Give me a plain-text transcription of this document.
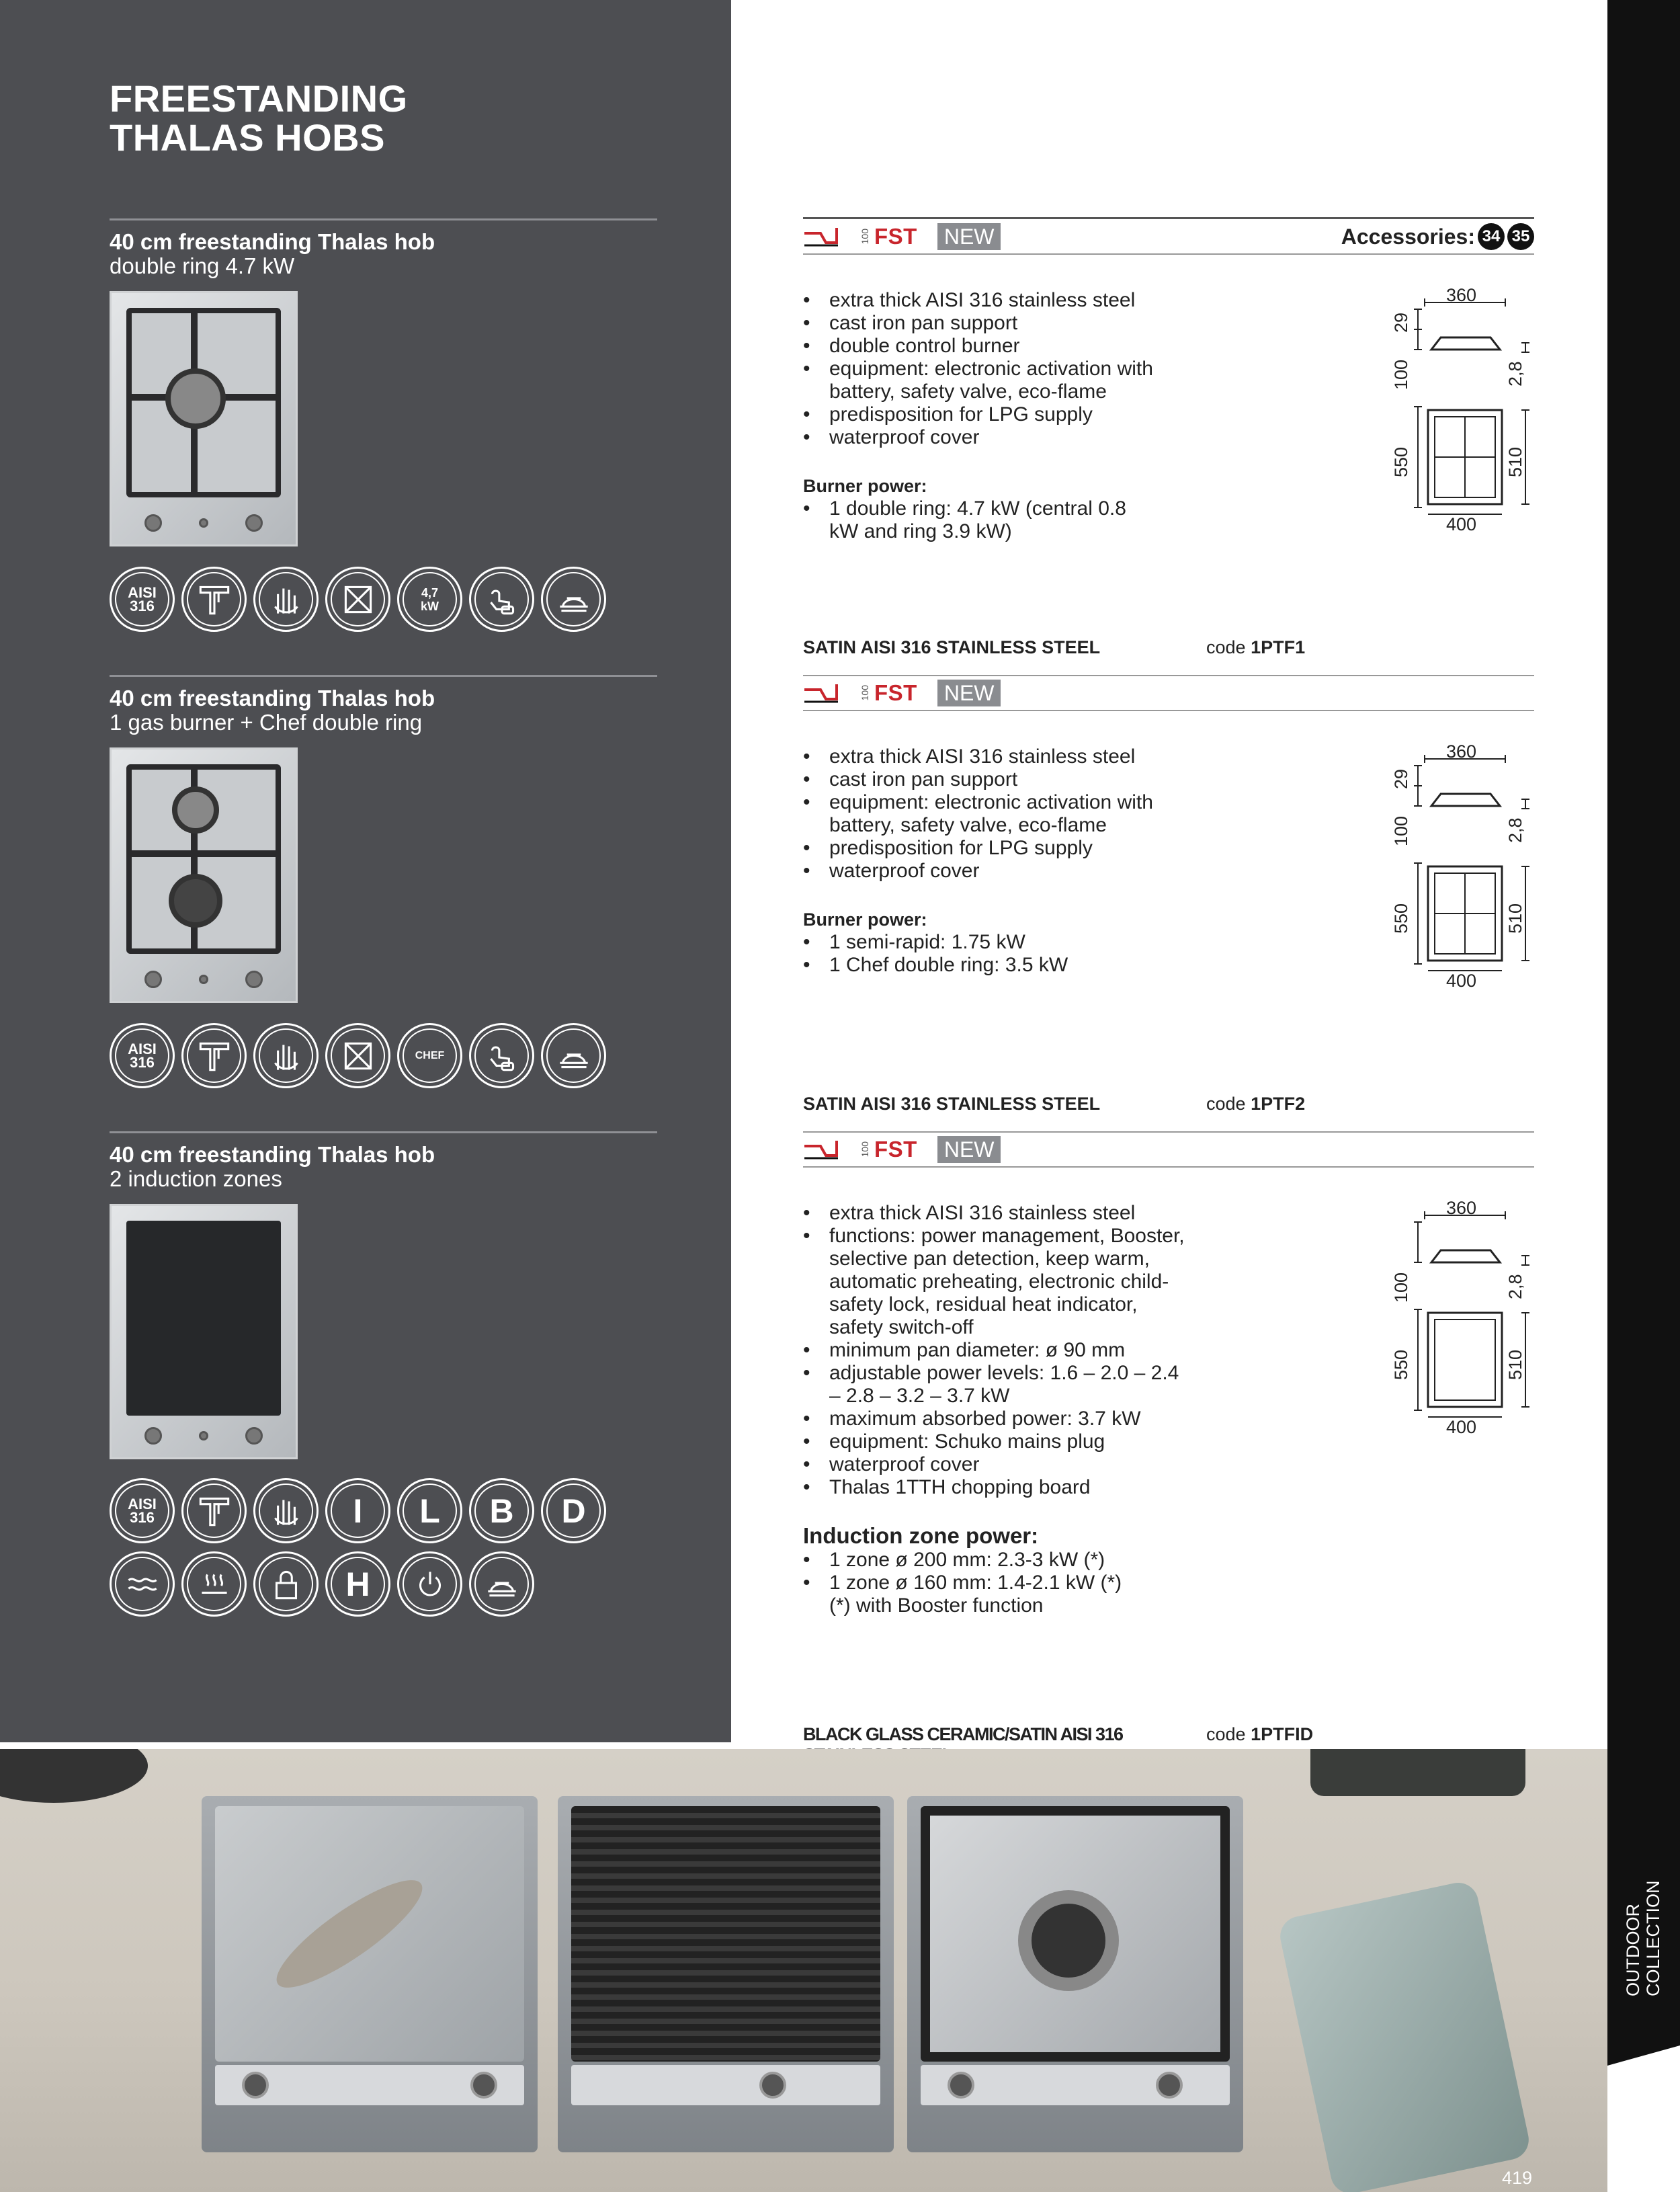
FREESTANDING
THALAS HOBS
40 cm freestanding Thalas hob
double ring 4.7 kW
AISI
316
4,7
kW
40 cm freestanding Thalas hob
1 gas burner + Chef double ring
AISI
316	CHEF
40 cm freestanding Thalas hob
2 induction zones
AISI
316	I L B D
H
100 FST	NEW	Accessories: 34 35
• extra thick AISI 316 stainless steel
• cast iron pan support
• double control burner
• equipment: electronic activation with battery, safety valve, eco-flame
• predisposition for LPG supply
• waterproof cover
Burner power:
• 1 double ring: 4.7 kW (central 0.8 kW and ring 3.9 kW)
SATIN AISI 316 STAINLESS STEEL	code 1PTF1
360
29
100	2,8
550	510
400
100 FST	NEW
• extra thick AISI 316 stainless steel
• cast iron pan support
• equipment: electronic activation with battery, safety valve, eco-flame
• predisposition for LPG supply
• waterproof cover
Burner power:
• 1 semi-rapid: 1.75 kW
• 1 Chef double ring: 3.5 kW
SATIN AISI 316 STAINLESS STEEL	code 1PTF2
360
29
100	2,8
550	510
400
100 FST	NEW
• extra thick AISI 316 stainless steel
• functions: power management, Booster, selective pan detection, keep warm, automatic preheating, electronic child-safety lock, residual heat indicator, safety switch-off
• minimum pan diameter: ø 90 mm
• adjustable power levels: 1.6 – 2.0 – 2.4 – 2.8 – 3.2 – 3.7 kW
• maximum absorbed power: 3.7 kW
• equipment: Schuko mains plug
• waterproof cover
• Thalas 1TTH chopping board
Induction zone power:
• 1 zone ø 200 mm: 2.3-3 kW (*)
• 1 zone ø 160 mm: 1.4-2.1 kW (*)
(*) with Booster function
BLACK GLASS CERAMIC/SATIN AISI 316	code 1PTFID
360
100	2,8
550	510
400
OUTDOOR COLLECTION
419
